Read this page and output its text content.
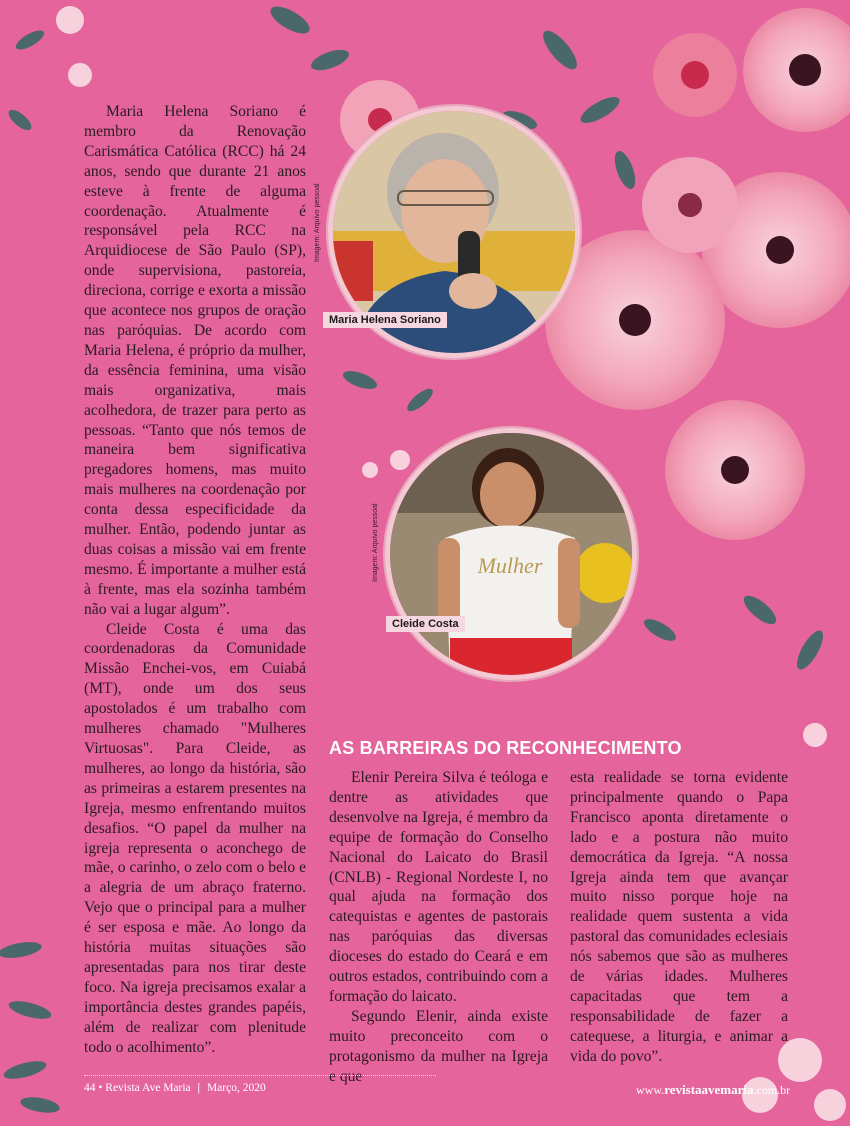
Imagem: Arquivo pessoal
Maria Helena Soriano
Mulher
Imagem: Arquivo pessoal
Cleide Costa

Maria Helena Soriano é membro da Renovação Carismática Católica (RCC) há 24 anos, sendo que durante 21 anos esteve à frente de alguma coordenação. Atualmente é responsável pela RCC na Arquidiocese de São Paulo (SP), onde supervisiona, pastoreia, direciona, corrige e exorta a missão que acontece nos grupos de oração nas paróquias. De acordo com Maria Helena, é próprio da mulher, da essência feminina, uma visão mais organizativa, mais acolhedora, de trazer para perto as pessoas. “Tanto que nós temos de maneira bem significativa pregadores homens, mas muito mais mulheres na coordenação por conta dessa especificidade da mulher. Então, podendo juntar as duas coisas a missão vai em frente mesmo. É importante a mulher está à frente, mas ela sozinha também não vai a lugar algum”.

Cleide Costa é uma das coordenadoras da Comunidade Missão Enchei-vos, em Cuiabá (MT), onde um dos seus apostolados é um trabalho com mulheres chamado "Mulheres Virtuosas". Para Cleide, as mulheres, ao longo da história, são as primeiras a estarem presentes na Igreja, mesmo enfrentando muitos desafios. “O papel da mulher na igreja representa o aconchego de mãe, o carinho, o zelo com o belo e a alegria de um abraço fraterno. Vejo que o principal para a mulher é ser esposa e mãe. Ao longo da história muitas situações são apresentadas para nos tirar deste foco. Na igreja precisamos exalar a importância destes grandes papéis, além de realizar com plenitude todo o acolhimento”.

AS BARREIRAS DO RECONHECIMENTO

Elenir Pereira Silva é teóloga e dentre as atividades que desenvolve na Igreja, é membro da equipe de formação do Conselho Nacional do Laicato do Brasil (CNLB) - Regional Nordeste I, no qual ajuda na formação dos catequistas e agentes de pastorais nas paróquias das diversas dioceses do estado do Ceará e em outros estados, contribuindo com a formação do laicato.

Segundo Elenir, ainda existe muito preconceito com o protagonismo da mulher na Igreja e que

esta realidade se torna evidente principalmente quando o Papa Francisco aponta diretamente o lado e a postura não muito democrática da Igreja. “A nossa Igreja ainda tem que avançar muito nisso porque hoje na realidade quem sustenta a vida pastoral das comunidades eclesiais nós sabemos que são as mulheres de várias idades. Mulheres capacitadas que tem a responsabilidade de fazer a catequese, a liturgia, e animar a vida do povo”.

44 • Revista Ave Maria | Março, 2020	www.revistaavemaria.com.br
